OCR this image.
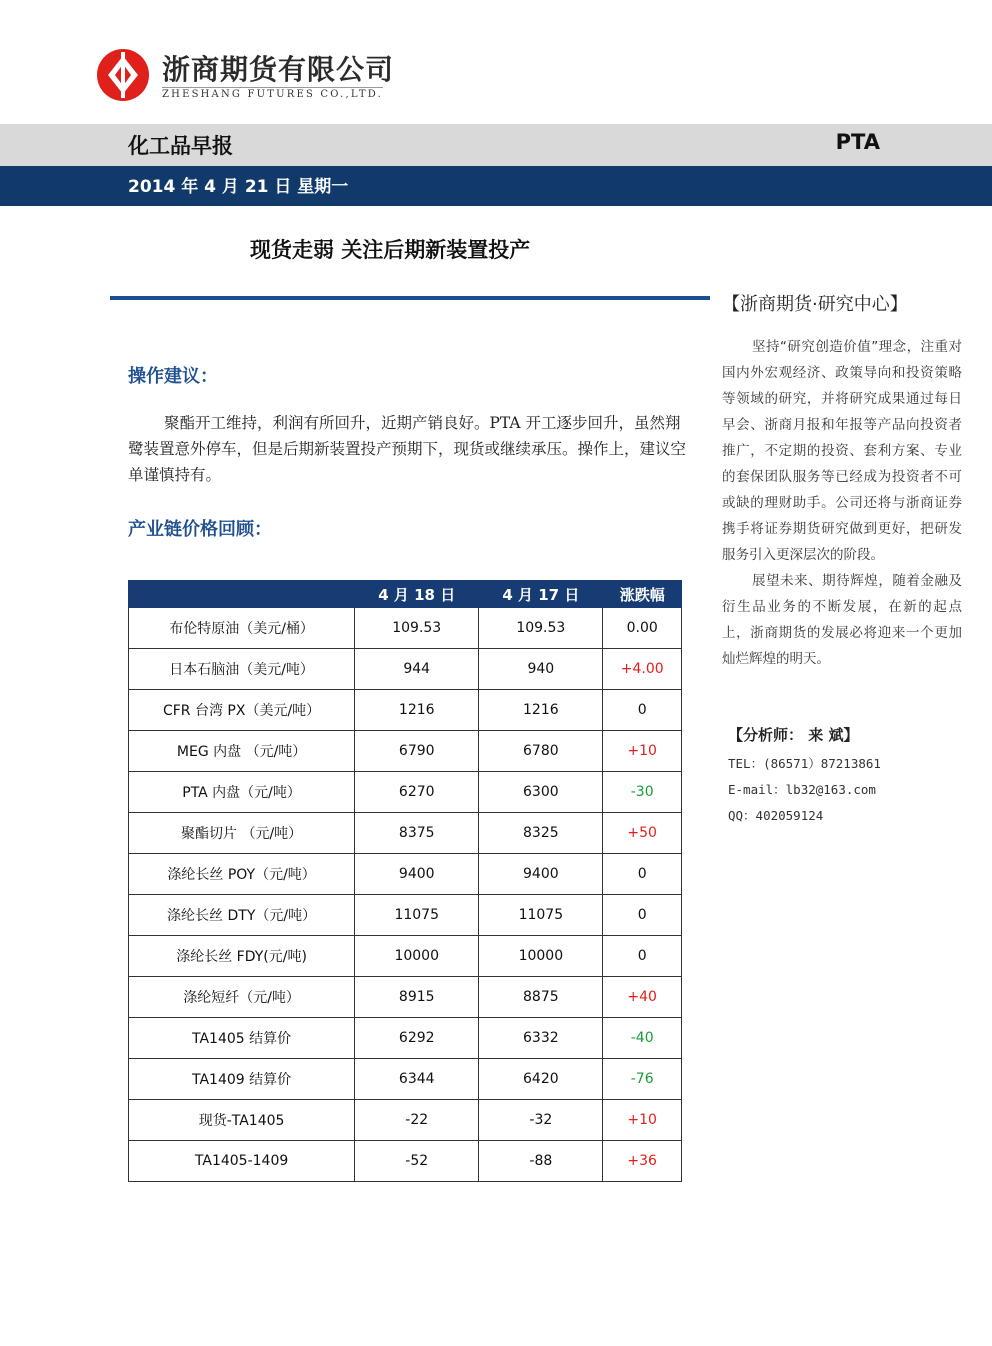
浙商期货有限公司
ZHESHANG FUTURES CO.,LTD.
化工品早报	PTA
2014 年 4 月 21 日 星期一
现货走弱 关注后期新装置投产
操作建议：
聚酯开工维持，利润有所回升，近期产销良好。PTA 开工逐步回升，虽然翔鹭装置意外停车，但是后期新装置投产预期下，现货或继续承压。操作上，建议空单谨慎持有。
产业链价格回顾：
	4 月 18 日	4 月 17 日	涨跌幅
布伦特原油（美元/桶）	109.53	109.53	0.00
日本石脑油（美元/吨）	944	940	+4.00
CFR 台湾 PX（美元/吨）	1216	1216	0
MEG 内盘 （元/吨）	6790	6780	+10
PTA 内盘（元/吨）	6270	6300	-30
聚酯切片 （元/吨）	8375	8325	+50
涤纶长丝 POY（元/吨）	9400	9400	0
涤纶长丝 DTY（元/吨）	11075	11075	0
涤纶长丝 FDY(元/吨)	10000	10000	0
涤纶短纤（元/吨）	8915	8875	+40
TA1405 结算价	6292	6332	-40
TA1409 结算价	6344	6420	-76
现货-TA1405	-22	-32	+10
TA1405-1409	-52	-88	+36
【浙商期货·研究中心】

坚持“研究创造价值”理念，注重对国内外宏观经济、政策导向和投资策略等领域的研究，并将研究成果通过每日早会、浙商月报和年报等产品向投资者推广，不定期的投资、套利方案、专业的套保团队服务等已经成为投资者不可或缺的理财助手。公司还将与浙商证券携手将证券期货研究做到更好，把研发服务引入更深层次的阶段。

展望未来、期待辉煌，随着金融及衍生品业务的不断发展，在新的起点上，浙商期货的发展必将迎来一个更加灿烂辉煌的明天。

【分析师： 来 斌】
TEL：(86571）87213861
E-mail：lb32@163.com
QQ：402059124
